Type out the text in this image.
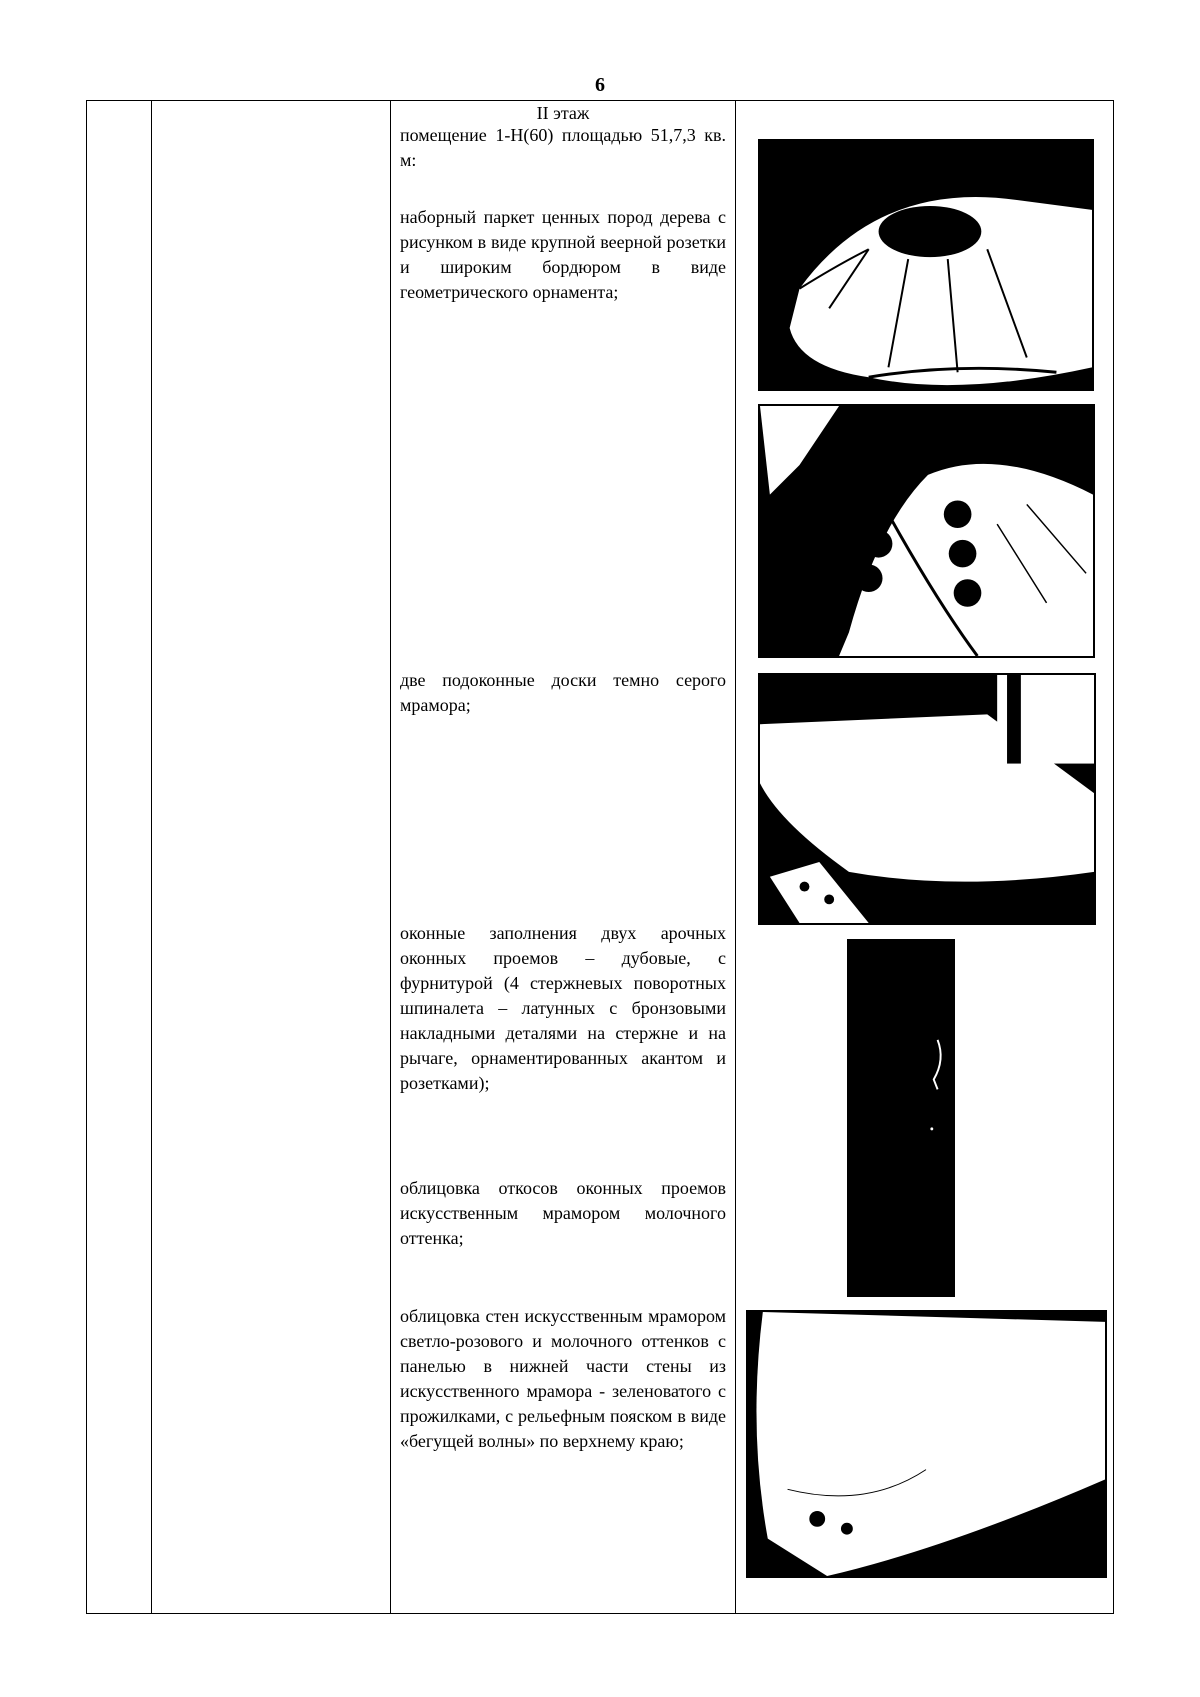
6
II этаж
помещение 1-Н(60) площадью 51,7,3 кв. м:
наборный паркет ценных пород дерева с рисунком в виде крупной веерной розетки и широким бордюром в виде геометрического орнамента;
две подоконные доски темно серого мрамора;
оконные заполнения двух арочных оконных проемов – дубовые, с фурнитурой (4 стержневых поворотных шпиналета – латунных с бронзовыми накладными деталями на стержне и на рычаге, орнаментированных акантом и розетками);
облицовка откосов оконных проемов искусственным мрамором молочного оттенка;
облицовка стен искусственным мрамором светло-розового и молочного оттенков с панелью в нижней части стены из искусственного мрамора - зеленоватого с прожилками, с рельефным пояском в виде «бегущей волны» по верхнему краю;
